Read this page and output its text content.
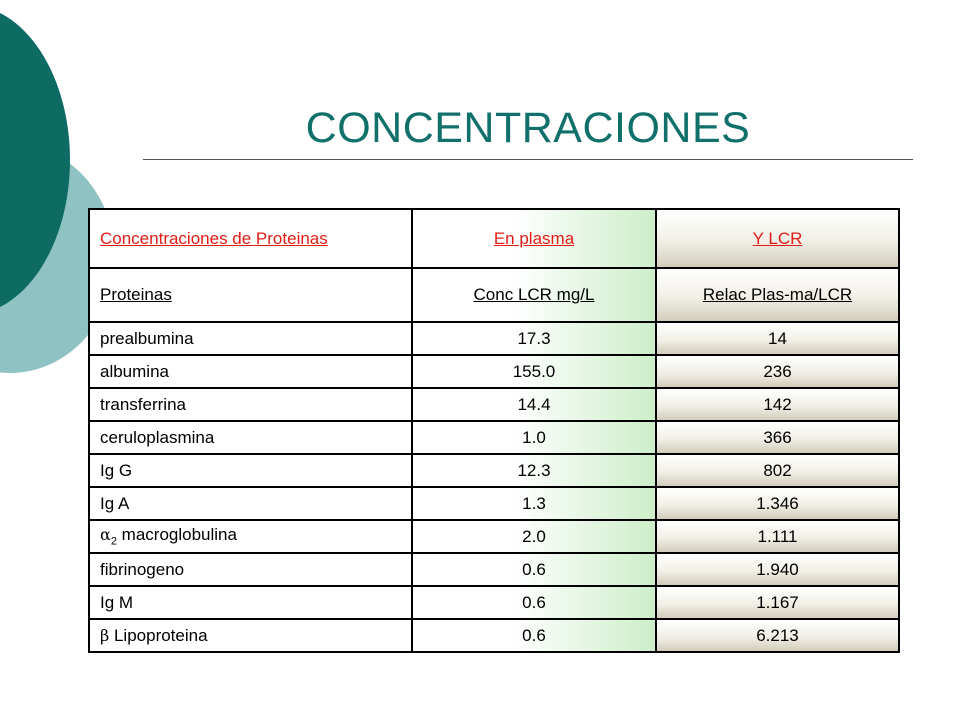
CONCENTRACIONES
Concentraciones de Proteinas	En plasma	Y LCR
Proteinas	Conc LCR mg/L	Relac Plas-ma/LCR
prealbumina	17.3	14
albumina	155.0	236
transferrina	14.4	142
ceruloplasmina	1.0	366
Ig G	12.3	802
Ig A	1.3	1.346
$\alpha_2$ macroglobulina	2.0	1.111
fibrinogeno	0.6	1.940
Ig M	0.6	1.167
β Lipoproteina	0.6	6.213
